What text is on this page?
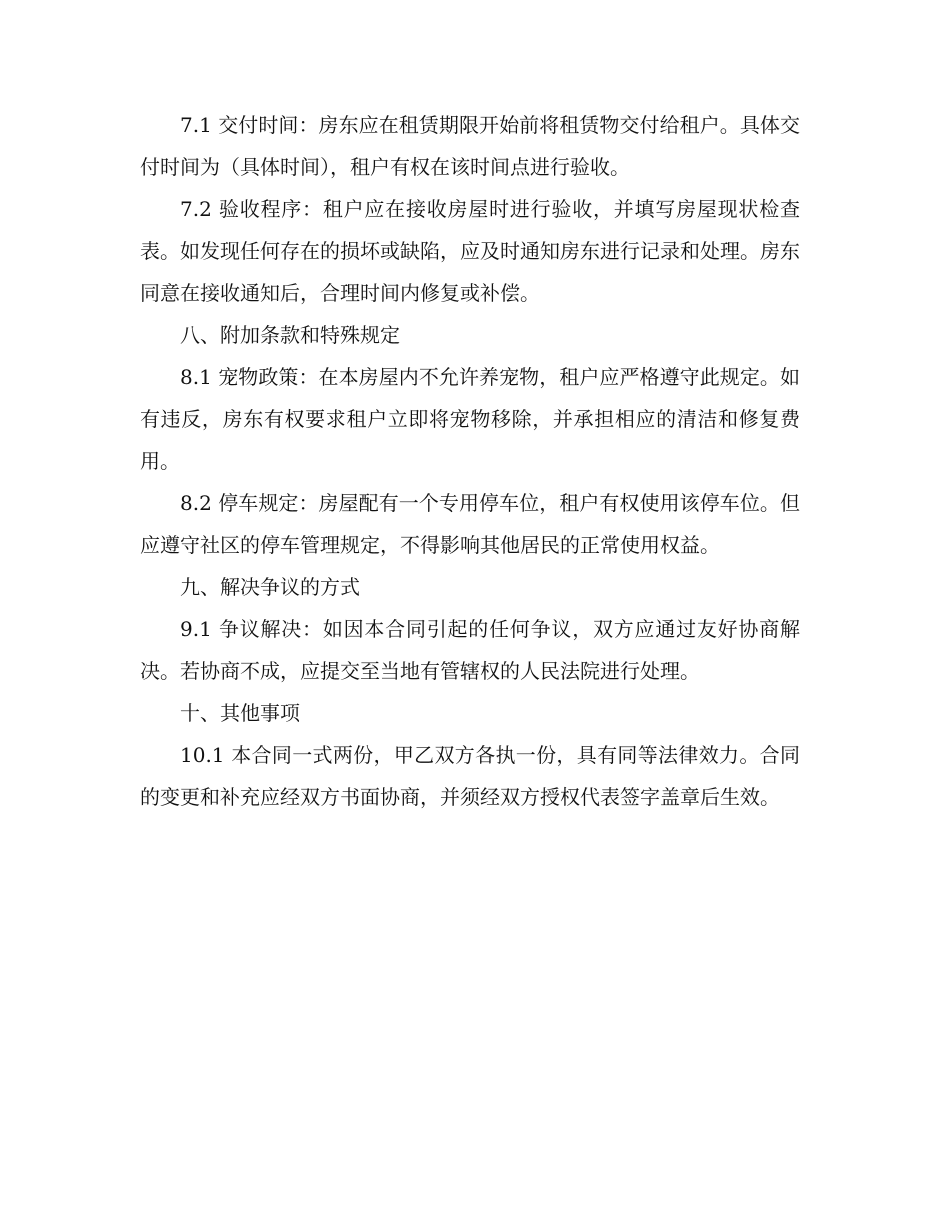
7.1 交付时间：房东应在租赁期限开始前将租赁物交付给租户。具体交付时间为（具体时间），租户有权在该时间点进行验收。

7.2 验收程序：租户应在接收房屋时进行验收，并填写房屋现状检查表。如发现任何存在的损坏或缺陷，应及时通知房东进行记录和处理。房东同意在接收通知后，合理时间内修复或补偿。

八、附加条款和特殊规定

8.1 宠物政策：在本房屋内不允许养宠物，租户应严格遵守此规定。如有违反，房东有权要求租户立即将宠物移除，并承担相应的清洁和修复费用。

8.2 停车规定：房屋配有一个专用停车位，租户有权使用该停车位。但应遵守社区的停车管理规定，不得影响其他居民的正常使用权益。

九、解决争议的方式

9.1 争议解决：如因本合同引起的任何争议，双方应通过友好协商解决。若协商不成，应提交至当地有管辖权的人民法院进行处理。

十、其他事项

10.1 本合同一式两份，甲乙双方各执一份，具有同等法律效力。合同的变更和补充应经双方书面协商，并须经双方授权代表签字盖章后生效。
